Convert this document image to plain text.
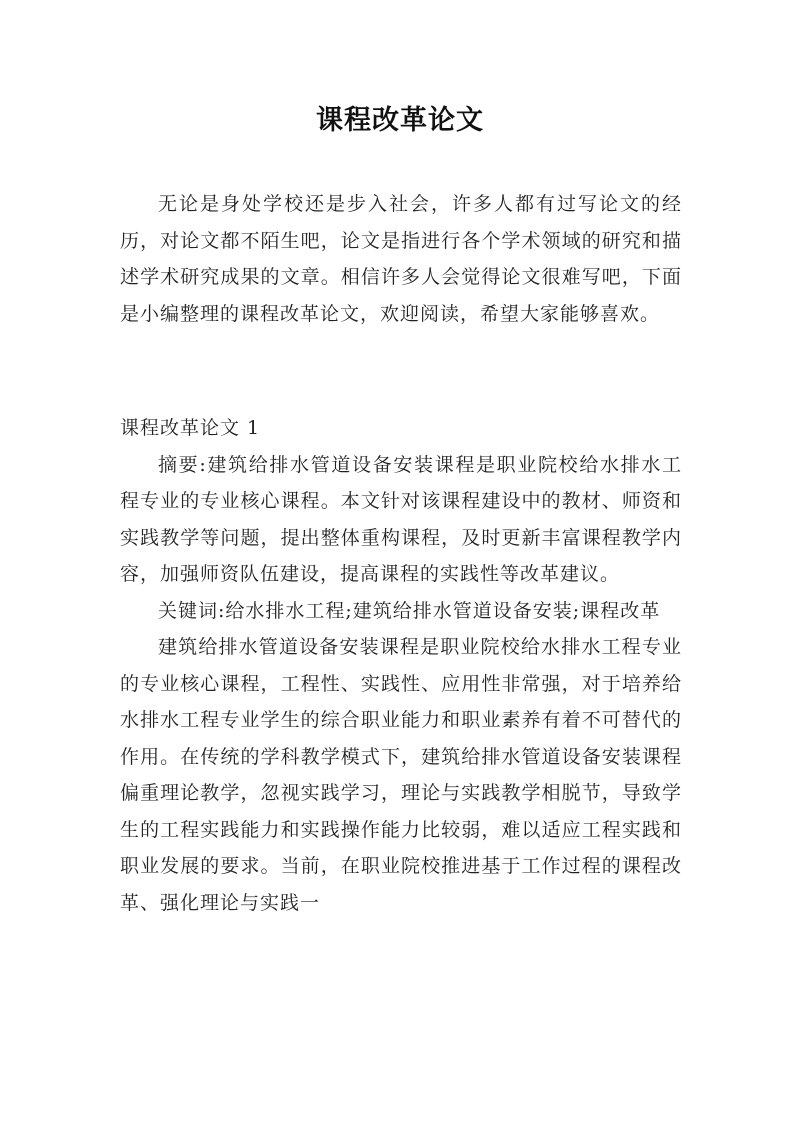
课程改革论文

无论是身处学校还是步入社会，许多人都有过写论文的经历，对论文都不陌生吧，论文是指进行各个学术领域的研究和描述学术研究成果的文章。相信许多人会觉得论文很难写吧，下面是小编整理的课程改革论文，欢迎阅读，希望大家能够喜欢。

课程改革论文 1

摘要:建筑给排水管道设备安装课程是职业院校给水排水工程专业的专业核心课程。本文针对该课程建设中的教材、师资和实践教学等问题，提出整体重构课程，及时更新丰富课程教学内容，加强师资队伍建设，提高课程的实践性等改革建议。

关键词:给水排水工程;建筑给排水管道设备安装;课程改革

建筑给排水管道设备安装课程是职业院校给水排水工程专业的专业核心课程，工程性、实践性、应用性非常强，对于培养给水排水工程专业学生的综合职业能力和职业素养有着不可替代的作用。在传统的学科教学模式下，建筑给排水管道设备安装课程偏重理论教学，忽视实践学习，理论与实践教学相脱节，导致学生的工程实践能力和实践操作能力比较弱，难以适应工程实践和职业发展的要求。当前，在职业院校推进基于工作过程的课程改革、强化理论与实践一
